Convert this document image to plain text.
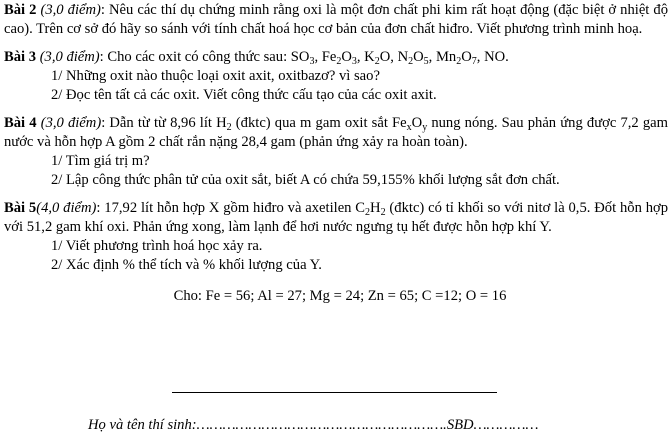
Bài 2 (3,0 điểm): Nêu các thí dụ chứng minh rằng oxi là một đơn chất phi kim rất hoạt động (đặc biệt ở nhiệt độ cao). Trên cơ sở đó hãy so sánh với tính chất hoá học cơ bản của đơn chất hiđro. Viết phương trình minh hoạ.

Bài 3 (3,0 điểm): Cho các oxit có công thức sau: $SO_3$, $Fe_2O_3$, $K_2O$, $N_2O_5$, $Mn_2O_7$, NO.

1/ Những oxit nào thuộc loại oxit axit, oxitbazơ? vì sao?

2/ Đọc tên tất cả các oxit. Viết công thức cấu tạo của các oxit axit.

Bài 4 (3,0 điểm): Dẫn từ từ 8,96 lít $H_2$ (đktc) qua m gam oxit sắt $Fe_xO_y$ nung nóng. Sau phản ứng được 7,2 gam nước và hỗn hợp A gồm 2 chất rắn nặng 28,4 gam (phản ứng xảy ra hoàn toàn).

1/ Tìm giá trị m?

2/ Lập công thức phân tử của oxit sắt, biết A có chứa 59,155% khối lượng sắt đơn chất.

Bài 5(4,0 điểm): 17,92 lít hỗn hợp X gồm hiđro và axetilen $C_2H_2$ (đktc) có tỉ khối so với nitơ là 0,5. Đốt hỗn hợp với 51,2 gam khí oxi. Phản ứng xong, làm lạnh để hơi nước ngưng tụ hết được hỗn hợp khí Y.

1/ Viết phương trình hoá học xảy ra.

2/ Xác định % thể tích và % khối lượng của Y.

Cho: Fe = 56; Al = 27; Mg = 24; Zn = 65; C =12; O = 16

Họ và tên thí sinh:………………………………………………….SBD……………
